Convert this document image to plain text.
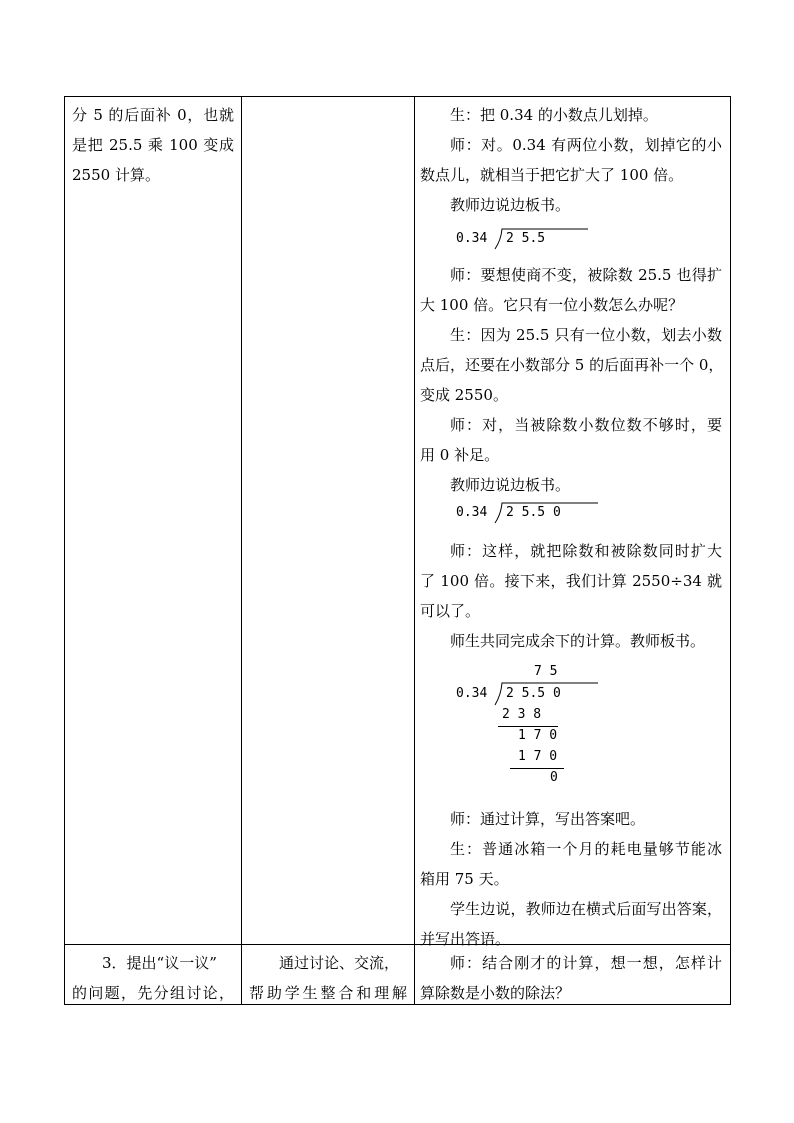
分 5 的后面补 0，也就

是把 25.5 乘 100 变成

2550 计算。

生：把 0.34 的小数点儿划掉。

师：对。0.34 有两位小数，划掉它的小

数点儿，就相当于把它扩大了 100 倍。

教师边说边板书。

0.34 2 5.5

师：要想使商不变，被除数 25.5 也得扩

大 100 倍。它只有一位小数怎么办呢？

生：因为 25.5 只有一位小数，划去小数

点后，还要在小数部分 5 的后面再补一个 0，

变成 2550。

师：对，当被除数小数位数不够时，要

用 0 补足。

教师边说边板书。

0.34 2 5.5 0

师：这样，就把除数和被除数同时扩大

了 100 倍。接下来，我们计算 2550÷34 就

可以了。

师生共同完成余下的计算。教师板书。

7 5
0.34 2 5.5 0
2 3 8
1 7 0
1 7 0
0

师：通过计算，写出答案吧。

生：普通冰箱一个月的耗电量够节能冰

箱用 75 天。

学生边说，教师边在横式后面写出答案，

并写出答语。

3．提出“议一议”

的问题，先分组讨论，

通过讨论、交流，

帮助学生整合和理解

师：结合刚才的计算，想一想，怎样计

算除数是小数的除法？
